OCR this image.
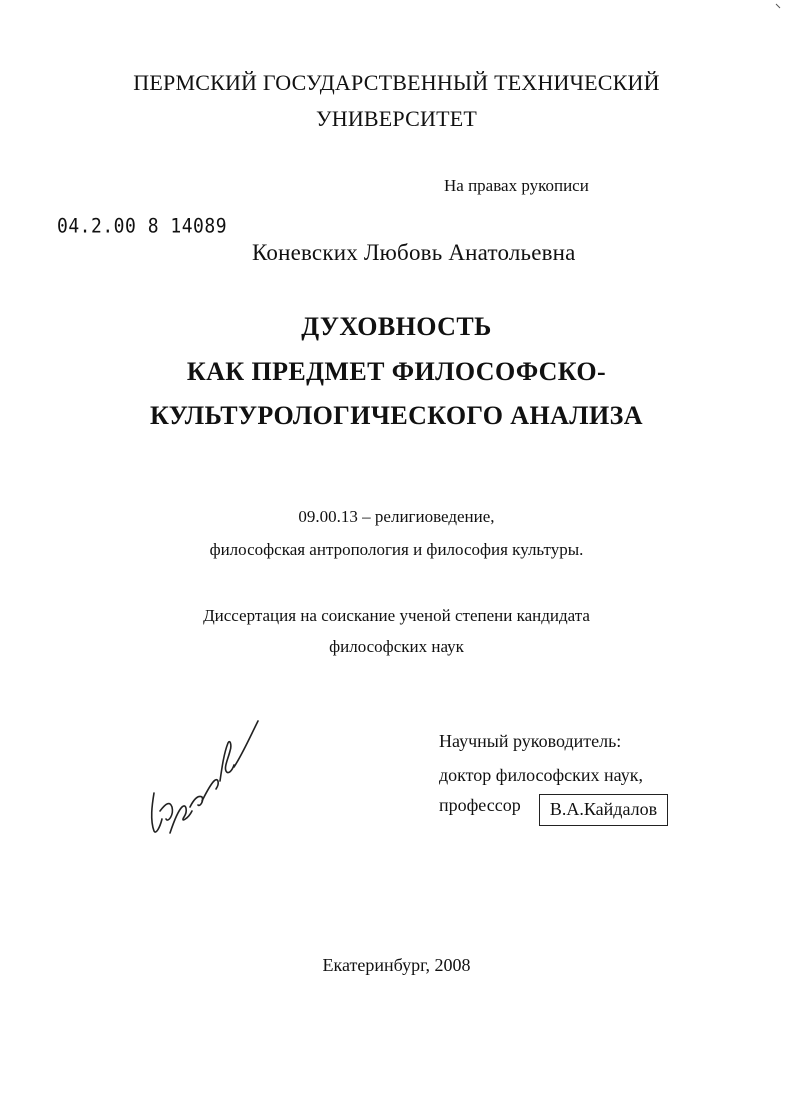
ПЕРМСКИЙ ГОСУДАРСТВЕННЫЙ ТЕХНИЧЕСКИЙ
УНИВЕРСИТЕТ
На правах рукописи
04.2.00 8 14089
Коневских Любовь Анатольевна
ДУХОВНОСТЬ
КАК ПРЕДМЕТ ФИЛОСОФСКО-
КУЛЬТУРОЛОГИЧЕСКОГО АНАЛИЗА
09.00.13 – религиоведение,
философская антропология и философия культуры.
Диссертация на соискание ученой степени кандидата
философских наук
Научный руководитель:
доктор философских наук,
профессор	В.А.Кайдалов
Екатеринбург, 2008
